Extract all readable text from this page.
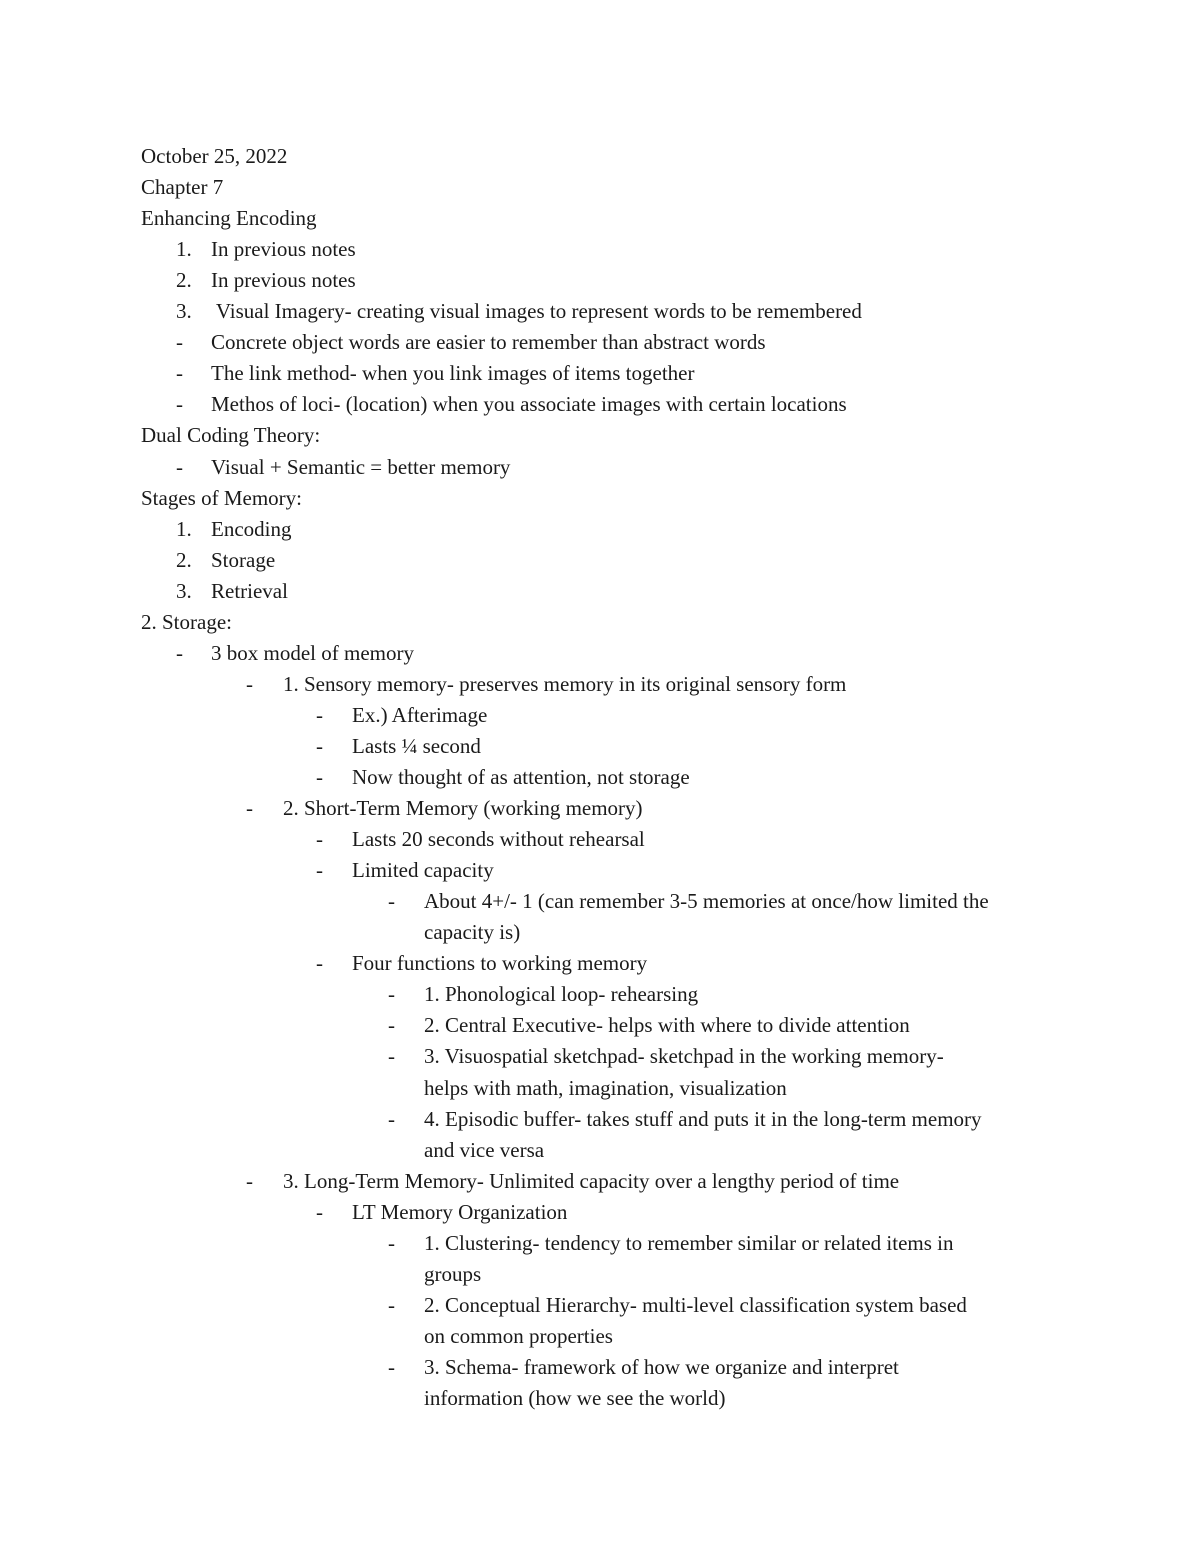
October 25, 2022
Chapter 7
Enhancing Encoding
1. In previous notes
2. In previous notes
3. Visual Imagery- creating visual images to represent words to be remembered
- Concrete object words are easier to remember than abstract words
- The link method- when you link images of items together
- Methos of loci- (location) when you associate images with certain locations
Dual Coding Theory:
- Visual + Semantic = better memory
Stages of Memory:
1. Encoding
2. Storage
3. Retrieval
2. Storage:
- 3 box model of memory
- 1. Sensory memory- preserves memory in its original sensory form
- Ex.) Afterimage
- Lasts ¼ second
- Now thought of as attention, not storage
- 2. Short-Term Memory (working memory)
- Lasts 20 seconds without rehearsal
- Limited capacity
- About 4+/- 1 (can remember 3-5 memories at once/how limited the
capacity is)
- Four functions to working memory
- 1. Phonological loop- rehearsing
- 2. Central Executive- helps with where to divide attention
- 3. Visuospatial sketchpad- sketchpad in the working memory-
helps with math, imagination, visualization
- 4. Episodic buffer- takes stuff and puts it in the long-term memory
and vice versa
- 3. Long-Term Memory- Unlimited capacity over a lengthy period of time
- LT Memory Organization
- 1. Clustering- tendency to remember similar or related items in
groups
- 2. Conceptual Hierarchy- multi-level classification system based
on common properties
- 3. Schema- framework of how we organize and interpret
information (how we see the world)
